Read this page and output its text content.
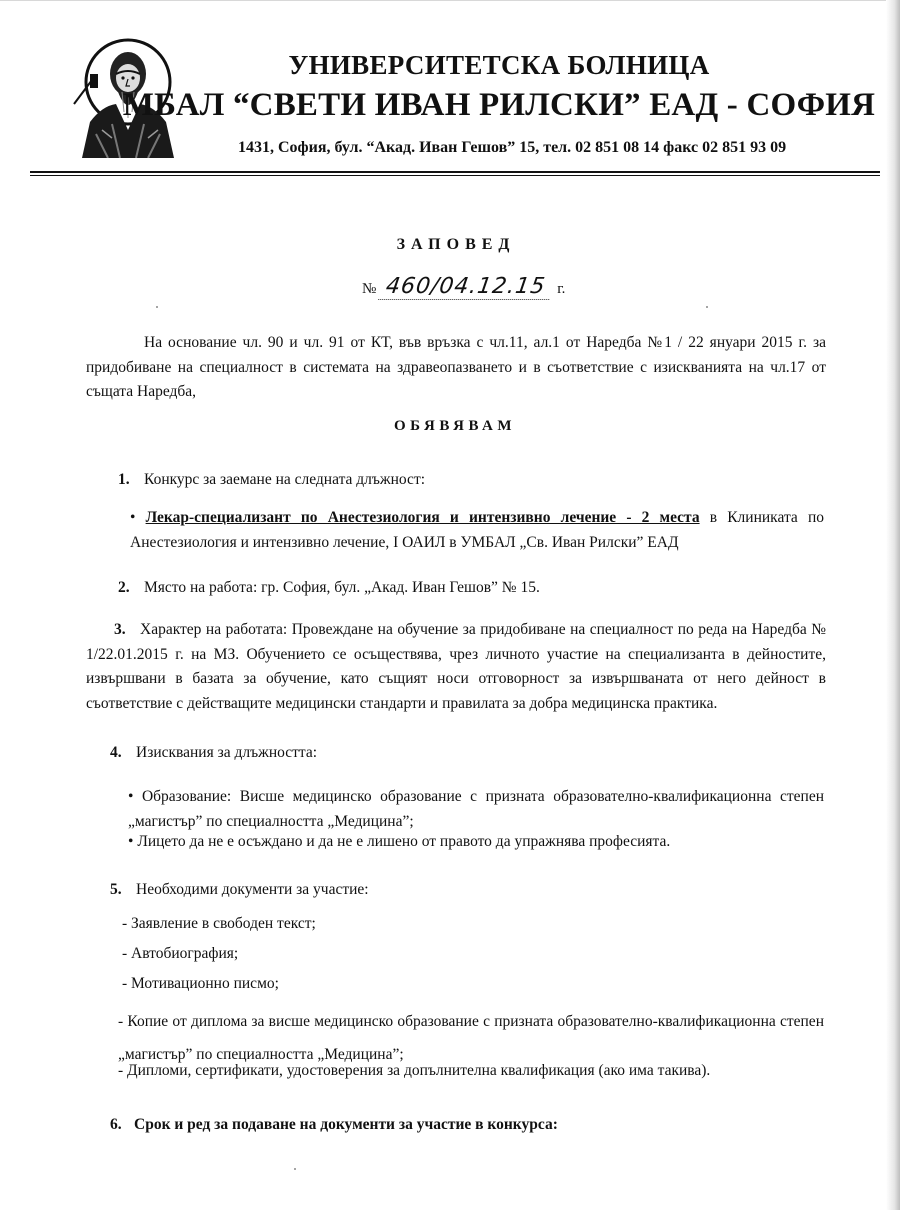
УНИВЕРСИТЕТСКА БОЛНИЦА
МБАЛ “СВЕТИ ИВАН РИЛСКИ” ЕАД - СОФИЯ
1431, София, бул. “Акад. Иван Гешов” 15, тел. 02 851 08 14 факс 02 851 93 09
ЗАПОВЕД
№ 460/04.12.15 г.

На основание чл. 90 и чл. 91 от КТ, във връзка с чл.11, ал.1 от Наредба №1 / 22 януари 2015 г. за придобиване на специалност в системата на здравеопазването и в съответствие с изискванията на чл.17 от същата Наредба,

ОБЯВЯВАМ
1. Конкурс за заемане на следната длъжност:

• Лекар-специализант по Анестезиология и интензивно лечение - 2 места в Клиниката по Анестезиология и интензивно лечение, I ОАИЛ в УМБАЛ „Св. Иван Рилски” ЕАД

2. Място на работа: гр. София, бул. „Акад. Иван Гешов” № 15.

3. Характер на работата: Провеждане на обучение за придобиване на специалност по реда на Наредба № 1/22.01.2015 г. на МЗ. Обучението се осъществява, чрез личното участие на специализанта в дейностите, извършвани в базата за обучение, като същият носи отговорност за извършваната от него дейност в съответствие с действащите медицински стандарти и правилата за добра медицинска практика.

4. Изисквания за длъжността:

• Образование: Висше медицинско образование с призната образователно-квалификационна степен „магистър” по специалността „Медицина”;

• Лицето да не е осъждано и да не е лишено от правото да упражнява професията.
5. Необходими документи за участие:
- Заявление в свободен текст;
- Автобиография;
- Мотивационно писмо;

- Копие от диплома за висше медицинско образование с призната образователно-квалификационна степен „магистър” по специалността „Медицина”;

- Дипломи, сертификати, удостоверения за допълнителна квалификация (ако има такива).
6. Срок и ред за подаване на документи за участие в конкурса:
